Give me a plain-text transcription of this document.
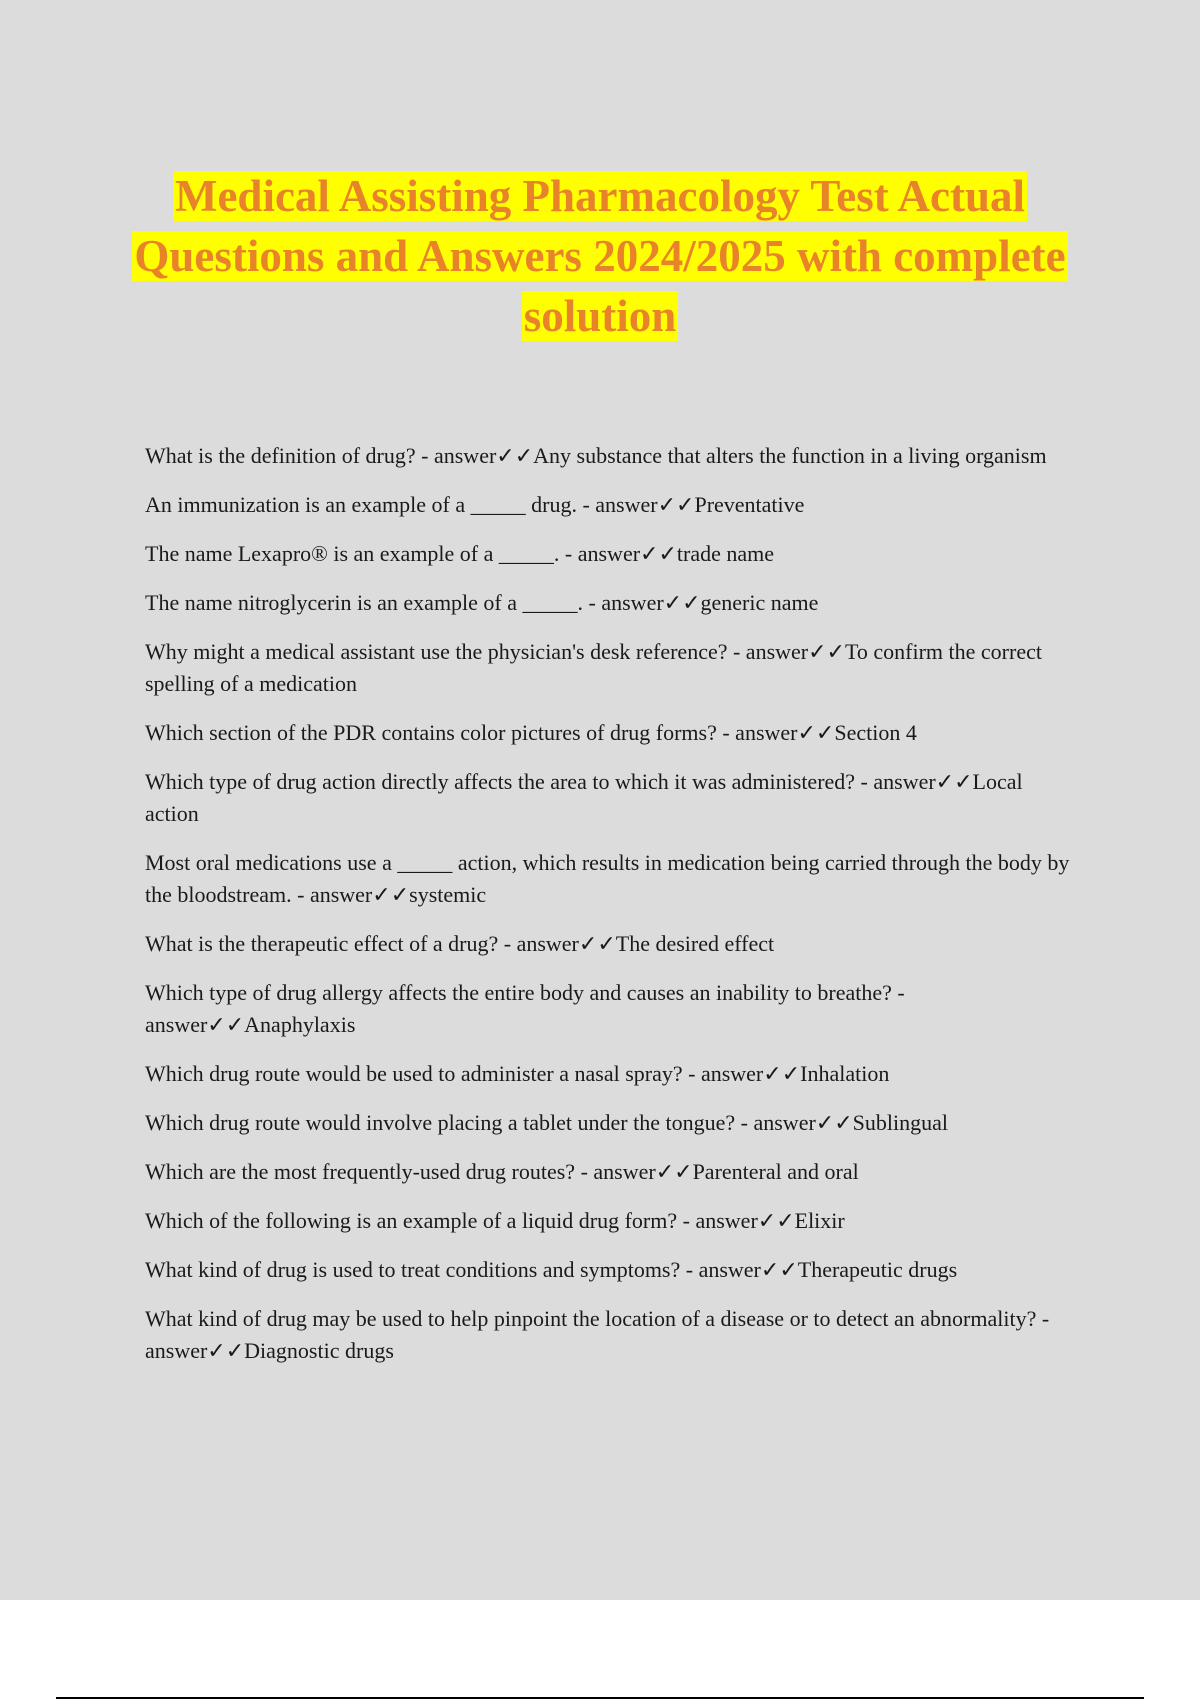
Medical Assisting Pharmacology Test Actual Questions and Answers 2024/2025 with complete solution
What is the definition of drug? - answer✓✓Any substance that alters the function in a living organism
An immunization is an example of a _____ drug. - answer✓✓Preventative
The name Lexapro® is an example of a _____. - answer✓✓trade name
The name nitroglycerin is an example of a _____. - answer✓✓generic name
Why might a medical assistant use the physician's desk reference? - answer✓✓To confirm the correct spelling of a medication
Which section of the PDR contains color pictures of drug forms? - answer✓✓Section 4
Which type of drug action directly affects the area to which it was administered? - answer✓✓Local action
Most oral medications use a _____ action, which results in medication being carried through the body by the bloodstream. - answer✓✓systemic
What is the therapeutic effect of a drug? - answer✓✓The desired effect
Which type of drug allergy affects the entire body and causes an inability to breathe? - answer✓✓Anaphylaxis
Which drug route would be used to administer a nasal spray? - answer✓✓Inhalation
Which drug route would involve placing a tablet under the tongue? - answer✓✓Sublingual
Which are the most frequently-used drug routes? - answer✓✓Parenteral and oral
Which of the following is an example of a liquid drug form? - answer✓✓Elixir
What kind of drug is used to treat conditions and symptoms? - answer✓✓Therapeutic drugs
What kind of drug may be used to help pinpoint the location of a disease or to detect an abnormality? - answer✓✓Diagnostic drugs
